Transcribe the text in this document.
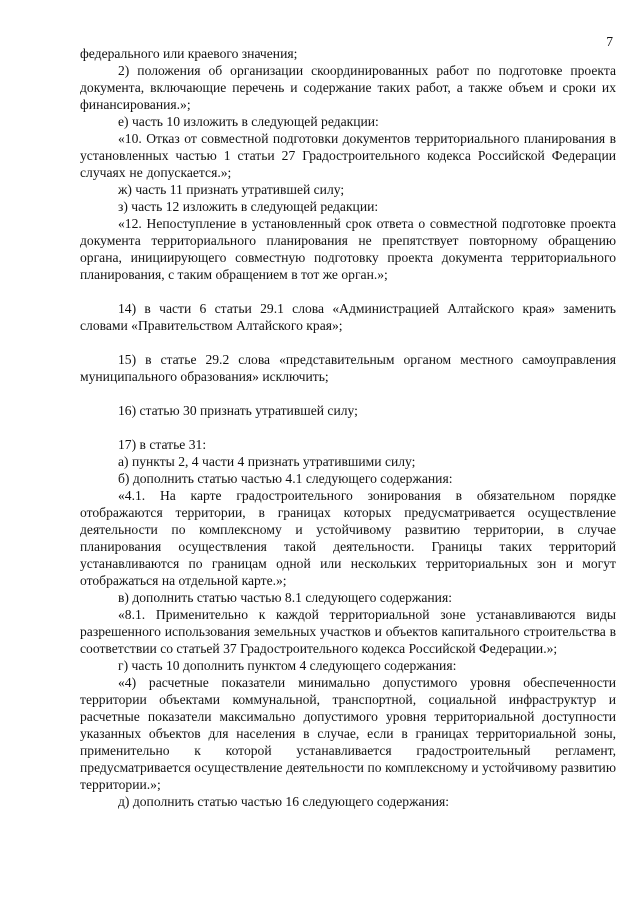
7

федерального или краевого значения;

2) положения об организации скоординированных работ по подготовке проекта документа, включающие перечень и содержание таких работ, а также объем и сроки их финансирования.»;

е) часть 10 изложить в следующей редакции:

«10. Отказ от совместной подготовки документов территориального планирования в установленных частью 1 статьи 27 Градостроительного кодекса Российской Федерации случаях не допускается.»;

ж) часть 11 признать утратившей силу;

з) часть 12 изложить в следующей редакции:

«12. Непоступление в установленный срок ответа о совместной подготовке проекта документа территориального планирования не препятствует повторному обращению органа, инициирующего совместную подготовку проекта документа территориального планирования, с таким обращением в тот же орган.»;

14) в части 6 статьи 29.1 слова «Администрацией Алтайского края» заменить словами «Правительством Алтайского края»;

15) в статье 29.2 слова «представительным органом местного самоуправления муниципального образования» исключить;

16) статью 30 признать утратившей силу;

17) в статье 31:

а) пункты 2, 4 части 4 признать утратившими силу;

б) дополнить статью частью 4.1 следующего содержания:

«4.1. На карте градостроительного зонирования в обязательном порядке отображаются территории, в границах которых предусматривается осуществление деятельности по комплексному и устойчивому развитию территории, в случае планирования осуществления такой деятельности. Границы таких территорий устанавливаются по границам одной или нескольких территориальных зон и могут отображаться на отдельной карте.»;

в) дополнить статью частью 8.1 следующего содержания:

«8.1. Применительно к каждой территориальной зоне устанавливаются виды разрешенного использования земельных участков и объектов капитального строительства в соответствии со статьей 37 Градостроительного кодекса Российской Федерации.»;

г) часть 10 дополнить пунктом 4 следующего содержания:

«4) расчетные показатели минимально допустимого уровня обеспеченности территории объектами коммунальной, транспортной, социальной инфраструктур и расчетные показатели максимально допустимого уровня территориальной доступности указанных объектов для населения в случае, если в границах территориальной зоны, применительно к которой устанавливается градостроительный регламент, предусматривается осуществление деятельности по комплексному и устойчивому развитию территории.»;

д) дополнить статью частью 16 следующего содержания:
